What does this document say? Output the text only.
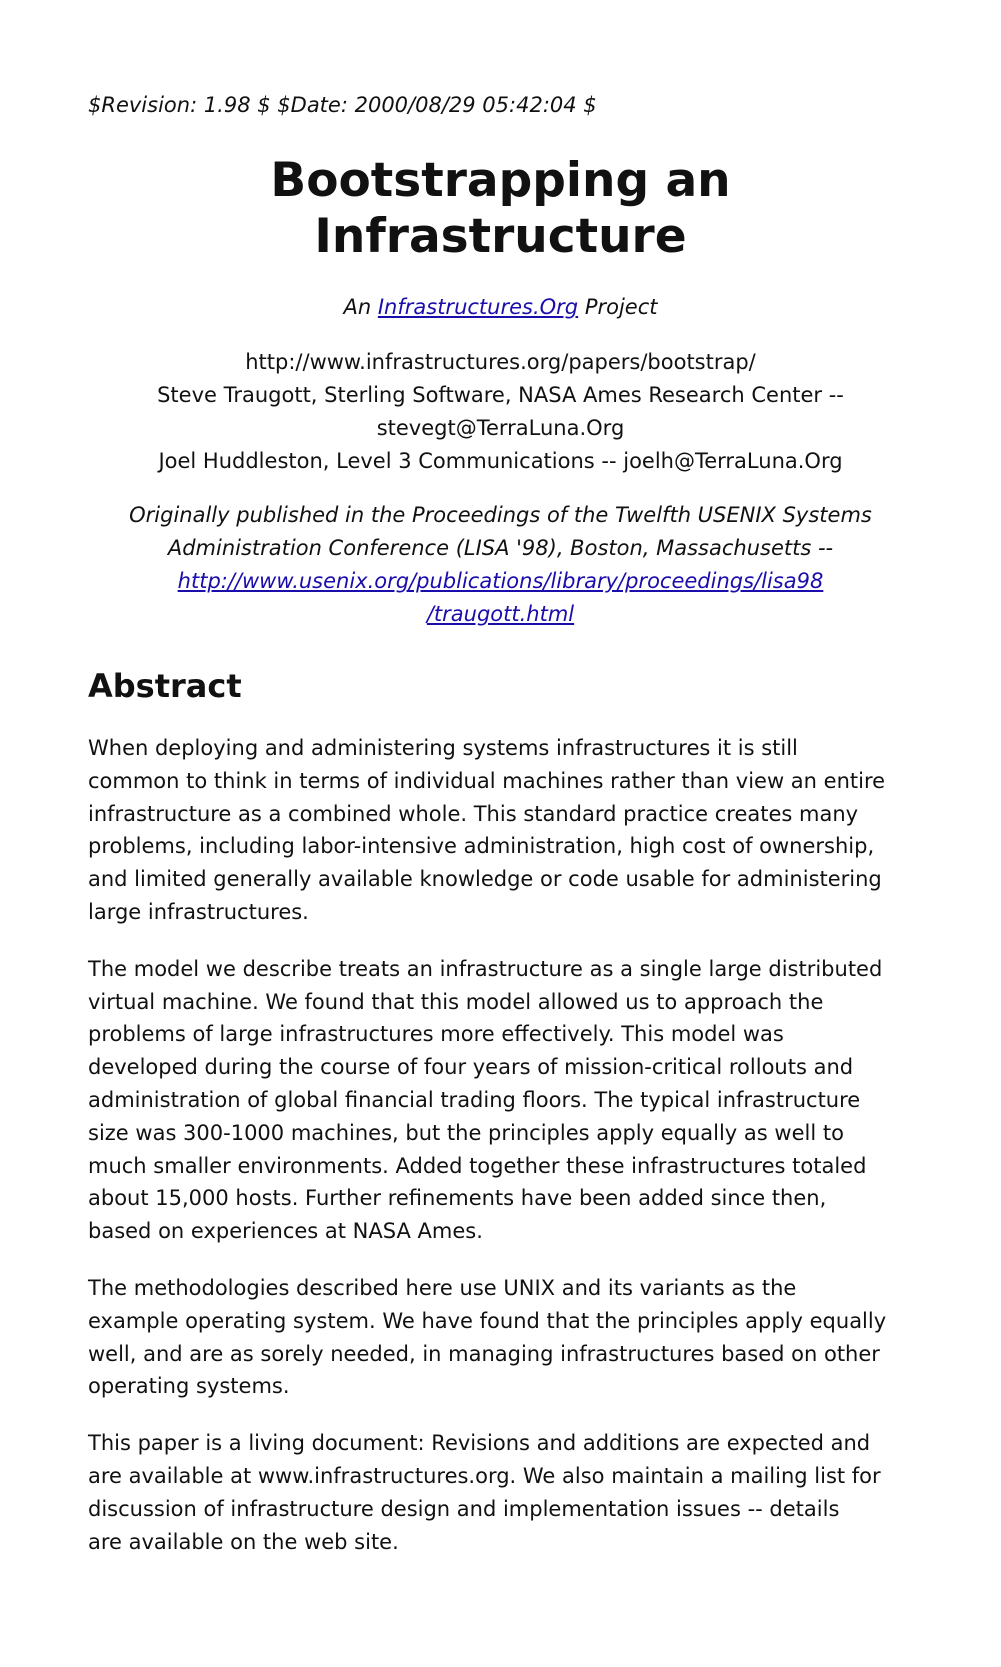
$Revision: 1.98 $ $Date: 2000/08/29 05:42:04 $
Bootstrapping an Infrastructure
An Infrastructures.Org Project
http://www.infrastructures.org/papers/bootstrap/
Steve Traugott, Sterling Software, NASA Ames Research Center --
stevegt@TerraLuna.Org
Joel Huddleston, Level 3 Communications -- joelh@TerraLuna.Org
Originally published in the Proceedings of the Twelfth USENIX Systems
Administration Conference (LISA '98), Boston, Massachusetts --
http://www.usenix.org/publications/library/proceedings/lisa98
/traugott.html
Abstract
When deploying and administering systems infrastructures it is still
common to think in terms of individual machines rather than view an entire
infrastructure as a combined whole. This standard practice creates many
problems, including labor-intensive administration, high cost of ownership,
and limited generally available knowledge or code usable for administering
large infrastructures.
The model we describe treats an infrastructure as a single large distributed
virtual machine. We found that this model allowed us to approach the
problems of large infrastructures more effectively. This model was
developed during the course of four years of mission-critical rollouts and
administration of global financial trading floors. The typical infrastructure
size was 300-1000 machines, but the principles apply equally as well to
much smaller environments. Added together these infrastructures totaled
about 15,000 hosts. Further refinements have been added since then,
based on experiences at NASA Ames.
The methodologies described here use UNIX and its variants as the
example operating system. We have found that the principles apply equally
well, and are as sorely needed, in managing infrastructures based on other
operating systems.
This paper is a living document: Revisions and additions are expected and
are available at www.infrastructures.org. We also maintain a mailing list for
discussion of infrastructure design and implementation issues -- details
are available on the web site.
